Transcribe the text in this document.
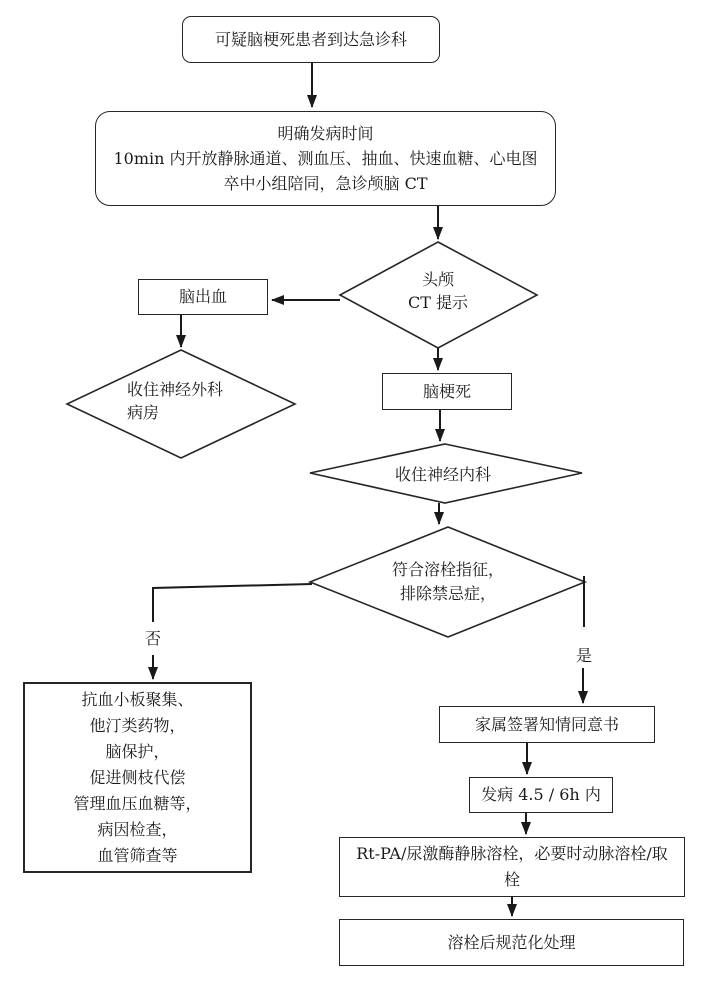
可疑脑梗死患者到达急诊科
明确发病时间
10min 内开放静脉通道、测血压、抽血、快速血糖、心电图
卒中小组陪同，急诊颅脑 CT
脑出血
脑梗死
抗血小板聚集、
他汀类药物，
脑保护，
促进侧枝代偿
管理血压血糖等，
病因检查，
血管筛查等
家属签署知情同意书
发病 4.5 / 6h 内
Rt-PA/尿激酶静脉溶栓，必要时动脉溶栓/取
栓
溶栓后规范化处理
头颅
CT 提示
收住神经外科
病房
收住神经内科
符合溶栓指征，
排除禁忌症，
否
是
